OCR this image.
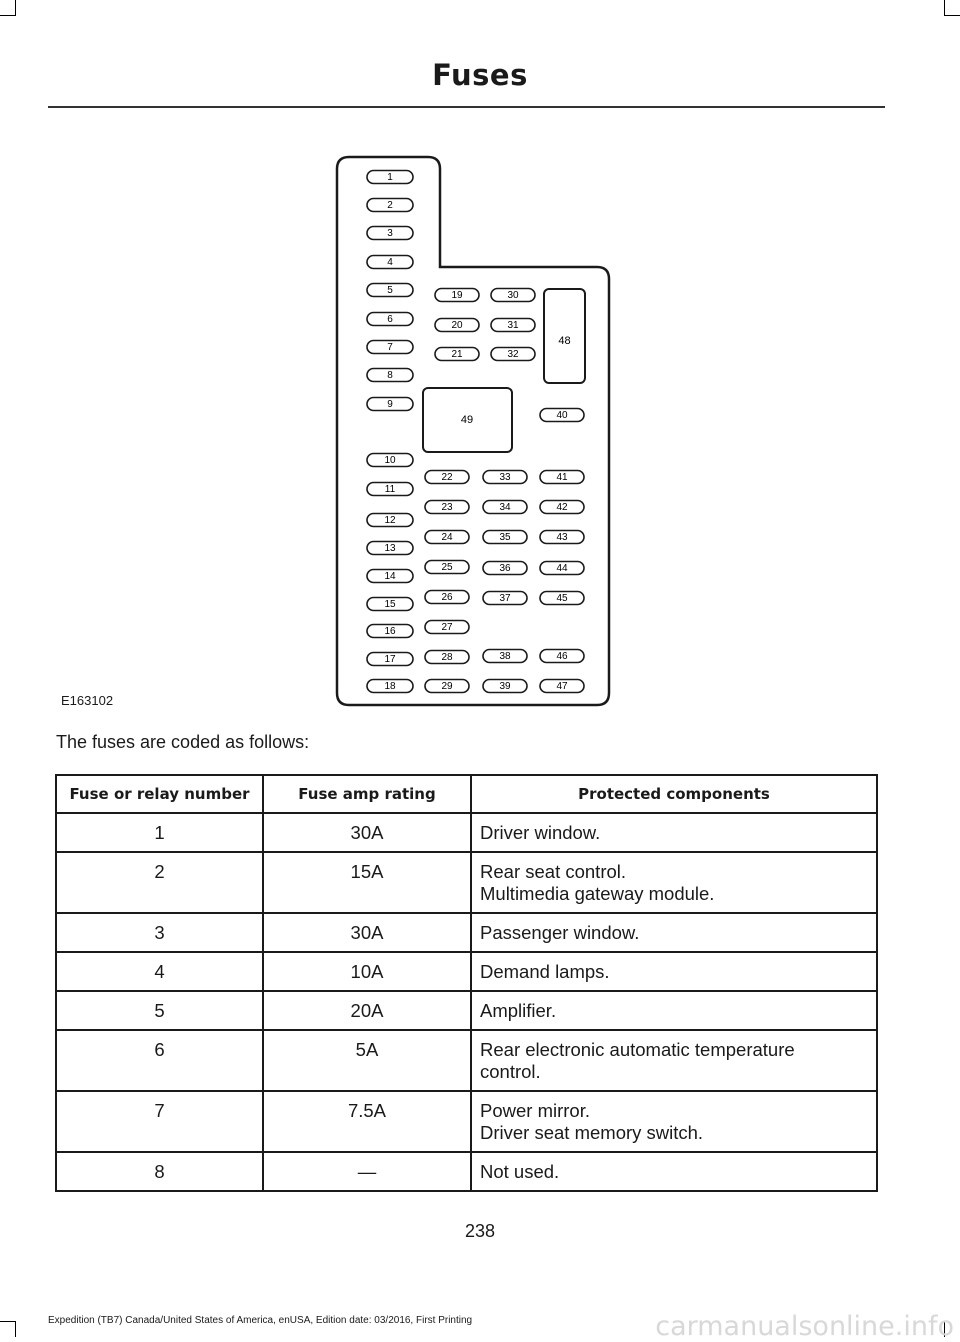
Fuses
1
2
3
4
5
6
7
8
9
10
11
12
13
14
15
16
17
18
19
20
21
22
23
24
25
26
27
28
29
30
31
32
33
34
35
36
37
38
39
40
41
42
43
44
45
46
47
48
49
E163102
The fuses are coded as follows:
Fuse or relay number	Fuse amp rating	Protected components
1	30A	Driver window.

2	15A	Rear seat control.
Multimedia gateway module.

3	30A	Passenger window.

4	10A	Demand lamps.

5	20A	Amplifier.

6	5A	Rear electronic automatic temperature control.

7	7.5A	Power mirror.
Driver seat memory switch.

8	—	Not used.
238
Expedition (TB7) Canada/United States of America, enUSA, Edition date: 03/2016, First Printing	carmanualsonline.info
